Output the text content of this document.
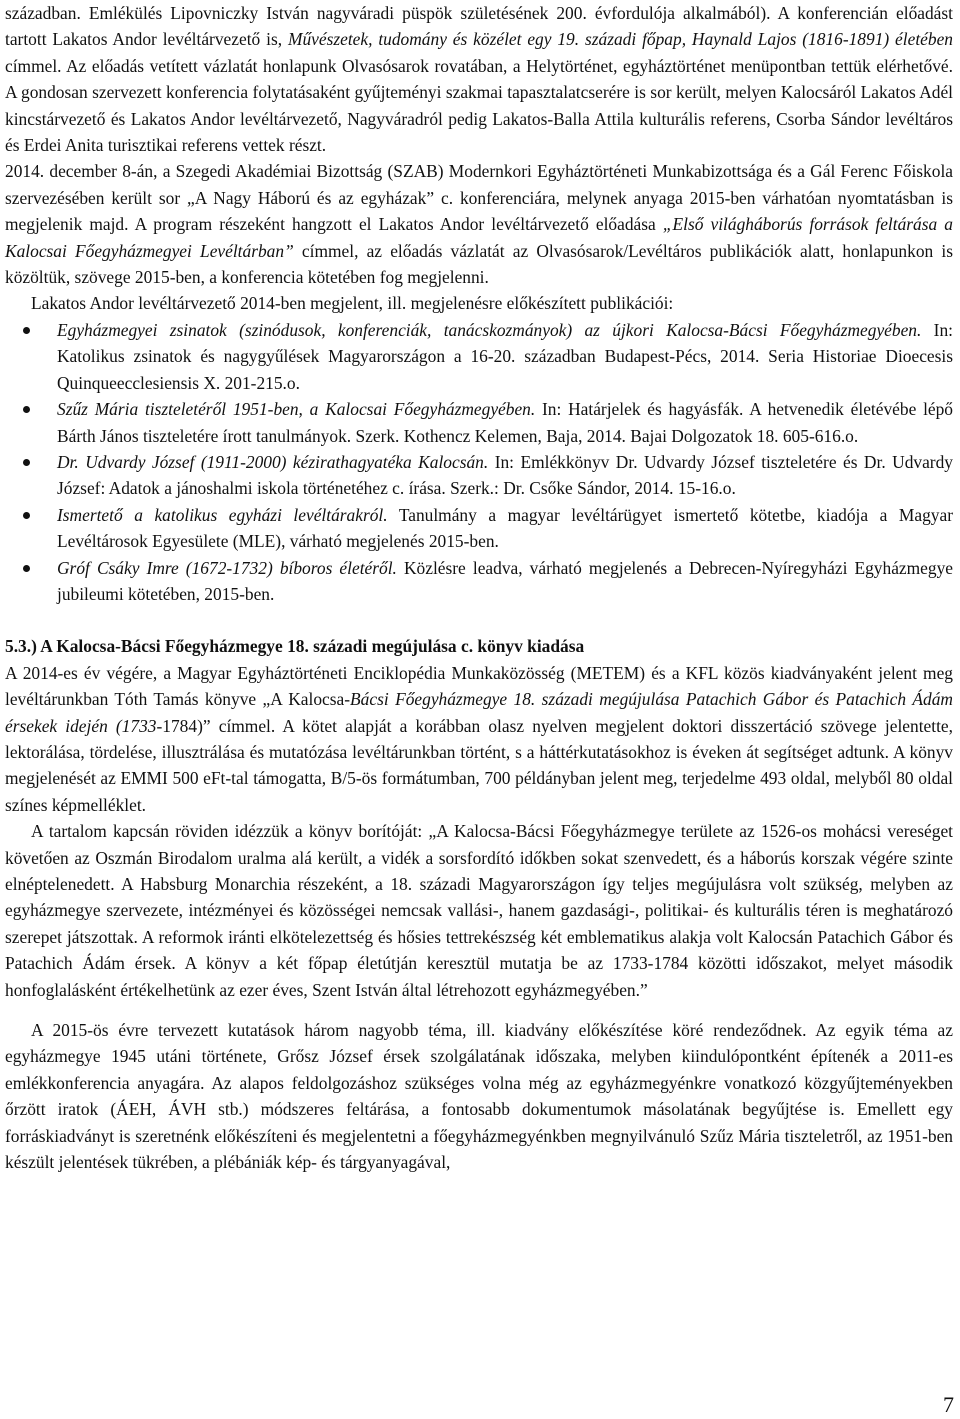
században. Emlékülés Lipovniczky István nagyváradi püspök születésének 200. évfordulója alkalmából). A konferencián előadást tartott Lakatos Andor levéltárvezető is, Művészetek, tudomány és közélet egy 19. századi főpap, Haynald Lajos (1816-1891) életében címmel. Az előadás vetített vázlatát honlapunk Olvasósarok rovatában, a Helytörténet, egyháztörténet menüpontban tettük elérhetővé. A gondosan szervezett konferencia folytatásaként gyűjteményi szakmai tapasztalatcserére is sor került, melyen Kalocsáról Lakatos Adél kincstárvezető és Lakatos Andor levéltárvezető, Nagyváradról pedig Lakatos-Balla Attila kulturális referens, Csorba Sándor levéltáros és Erdei Anita turisztikai referens vettek részt.

2014. december 8-án, a Szegedi Akadémiai Bizottság (SZAB) Modernkori Egyháztörténeti Munkabizottsága és a Gál Ferenc Főiskola szervezésében került sor „A Nagy Háború és az egyházak” c. konferenciára, melynek anyaga 2015-ben várhatóan nyomtatásban is megjelenik majd. A program részeként hangzott el Lakatos Andor levéltárvezető előadása „Első világháborús források feltárása a Kalocsai Főegyházmegyei Levéltárban” címmel, az előadás vázlatát az Olvasósarok/Levéltáros publikációk alatt, honlapunkon is közöltük, szövege 2015-ben, a konferencia kötetében fog megjelenni.

Lakatos Andor levéltárvezető 2014-ben megjelent, ill. megjelenésre előkészített publikációi:

Egyházmegyei zsinatok (szinódusok, konferenciák, tanácskozmányok) az újkori Kalocsa-Bácsi Főegyházmegyében. In: Katolikus zsinatok és nagygyűlések Magyarországon a 16-20. században Budapest-Pécs, 2014. Seria Historiae Dioecesis Quinqueecclesiensis X. 201-215.o.
Szűz Mária tiszteletéről 1951-ben, a Kalocsai Főegyházmegyében. In: Határjelek és hagyásfák. A hetvenedik életévébe lépő Bárth János tiszteletére írott tanulmányok. Szerk. Kothencz Kelemen, Baja, 2014. Bajai Dolgozatok 18. 605-616.o.
Dr. Udvardy József (1911-2000) kézirathagyatéka Kalocsán. In: Emlékkönyv Dr. Udvardy József tiszteletére és Dr. Udvardy József: Adatok a jánoshalmi iskola történetéhez c. írása. Szerk.: Dr. Csőke Sándor, 2014. 15-16.o.
Ismertető a katolikus egyházi levéltárakról. Tanulmány a magyar levéltárügyet ismertető kötetbe, kiadója a Magyar Levéltárosok Egyesülete (MLE), várható megjelenés 2015-ben.
Gróf Csáky Imre (1672-1732) bíboros életéről. Közlésre leadva, várható megjelenés a Debrecen-Nyíregyházi Egyházmegye jubileumi kötetében, 2015-ben.
5.3.) A Kalocsa-Bácsi Főegyházmegye 18. századi megújulása c. könyv kiadása

A 2014-es év végére, a Magyar Egyháztörténeti Enciklopédia Munkaközösség (METEM) és a KFL közös kiadványaként jelent meg levéltárunkban Tóth Tamás könyve „A Kalocsa-Bácsi Főegyházmegye 18. századi megújulása Patachich Gábor és Patachich Ádám érsekek idején (1733-1784)” címmel. A kötet alapját a korábban olasz nyelven megjelent doktori disszertáció szövege jelentette, lektorálása, tördelése, illusztrálása és mutatózása levéltárunkban történt, s a háttérkutatásokhoz is éveken át segítséget adtunk. A könyv megjelenését az EMMI 500 eFt-tal támogatta, B/5-ös formátumban, 700 példányban jelent meg, terjedelme 493 oldal, melyből 80 oldal színes képmelléklet.

A tartalom kapcsán röviden idézzük a könyv borítóját: „A Kalocsa-Bácsi Főegyházmegye területe az 1526-os mohácsi vereséget követően az Oszmán Birodalom uralma alá került, a vidék a sorsfordító időkben sokat szenvedett, és a háborús korszak végére szinte elnéptelenedett. A Habsburg Monarchia részeként, a 18. századi Magyarországon így teljes megújulásra volt szükség, melyben az egyházmegye szervezete, intézményei és közösségei nemcsak vallási-, hanem gazdasági-, politikai- és kulturális téren is meghatározó szerepet játszottak. A reformok iránti elkötelezettség és hősies tettrekészség két emblematikus alakja volt Kalocsán Patachich Gábor és Patachich Ádám érsek. A könyv a két főpap életútján keresztül mutatja be az 1733-1784 közötti időszakot, melyet második honfoglalásként értékelhetünk az ezer éves, Szent István által létrehozott egyházmegyében.”

A 2015-ös évre tervezett kutatások három nagyobb téma, ill. kiadvány előkészítése köré rendeződnek. Az egyik téma az egyházmegye 1945 utáni története, Grősz József érsek szolgálatának időszaka, melyben kiindulópontként építenék a 2011-es emlékkonferencia anyagára. Az alapos feldolgozáshoz szükséges volna még az egyházmegyénkre vonatkozó közgyűjteményekben őrzött iratok (ÁEH, ÁVH stb.) módszeres feltárása, a fontosabb dokumentumok másolatának begyűjtése is. Emellett egy forráskiadványt is szeretnénk előkészíteni és megjelentetni a főegyházmegyénkben megnyilvánuló Szűz Mária tiszteletről, az 1951-ben készült jelentések tükrében, a plébániák kép- és tárgyanyagával,

7
